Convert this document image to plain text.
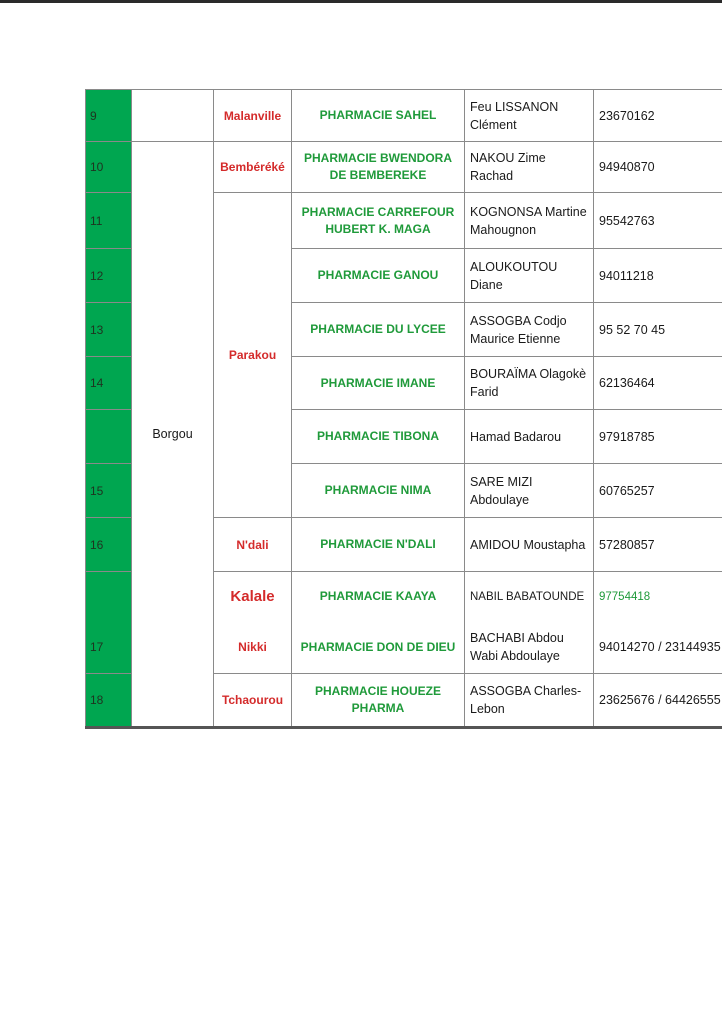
9		Malanville	PHARMACIE SAHEL	Feu LISSANON Clément	23670162
10	Borgou	Bembéréké	PHARMACIE BWENDORA DE BEMBEREKE	NAKOU Zime Rachad	94940870
11		Parakou	PHARMACIE CARREFOUR HUBERT K. MAGA	KOGNONSA Martine Mahougnon	95542763
12			PHARMACIE GANOU	ALOUKOUTOU Diane	94011218
13			PHARMACIE DU LYCEE	ASSOGBA Codjo Maurice Etienne	95 52 70 45
14			PHARMACIE IMANE	BOURAÏMA Olagokè Farid	62136464
			PHARMACIE TIBONA	Hamad Badarou	97918785
15			PHARMACIE NIMA	SARE MIZI Abdoulaye	60765257
16		N'dali	PHARMACIE N'DALI	AMIDOU Moustapha	57280857
		Kalale	PHARMACIE KAAYA	NABIL BABATOUNDE	97754418
17		Nikki	PHARMACIE DON DE DIEU	BACHABI Abdou Wabi Abdoulaye	94014270 / 23144935
18		Tchaourou	PHARMACIE HOUEZE PHARMA	ASSOGBA Charles-Lebon	23625676 / 64426555
